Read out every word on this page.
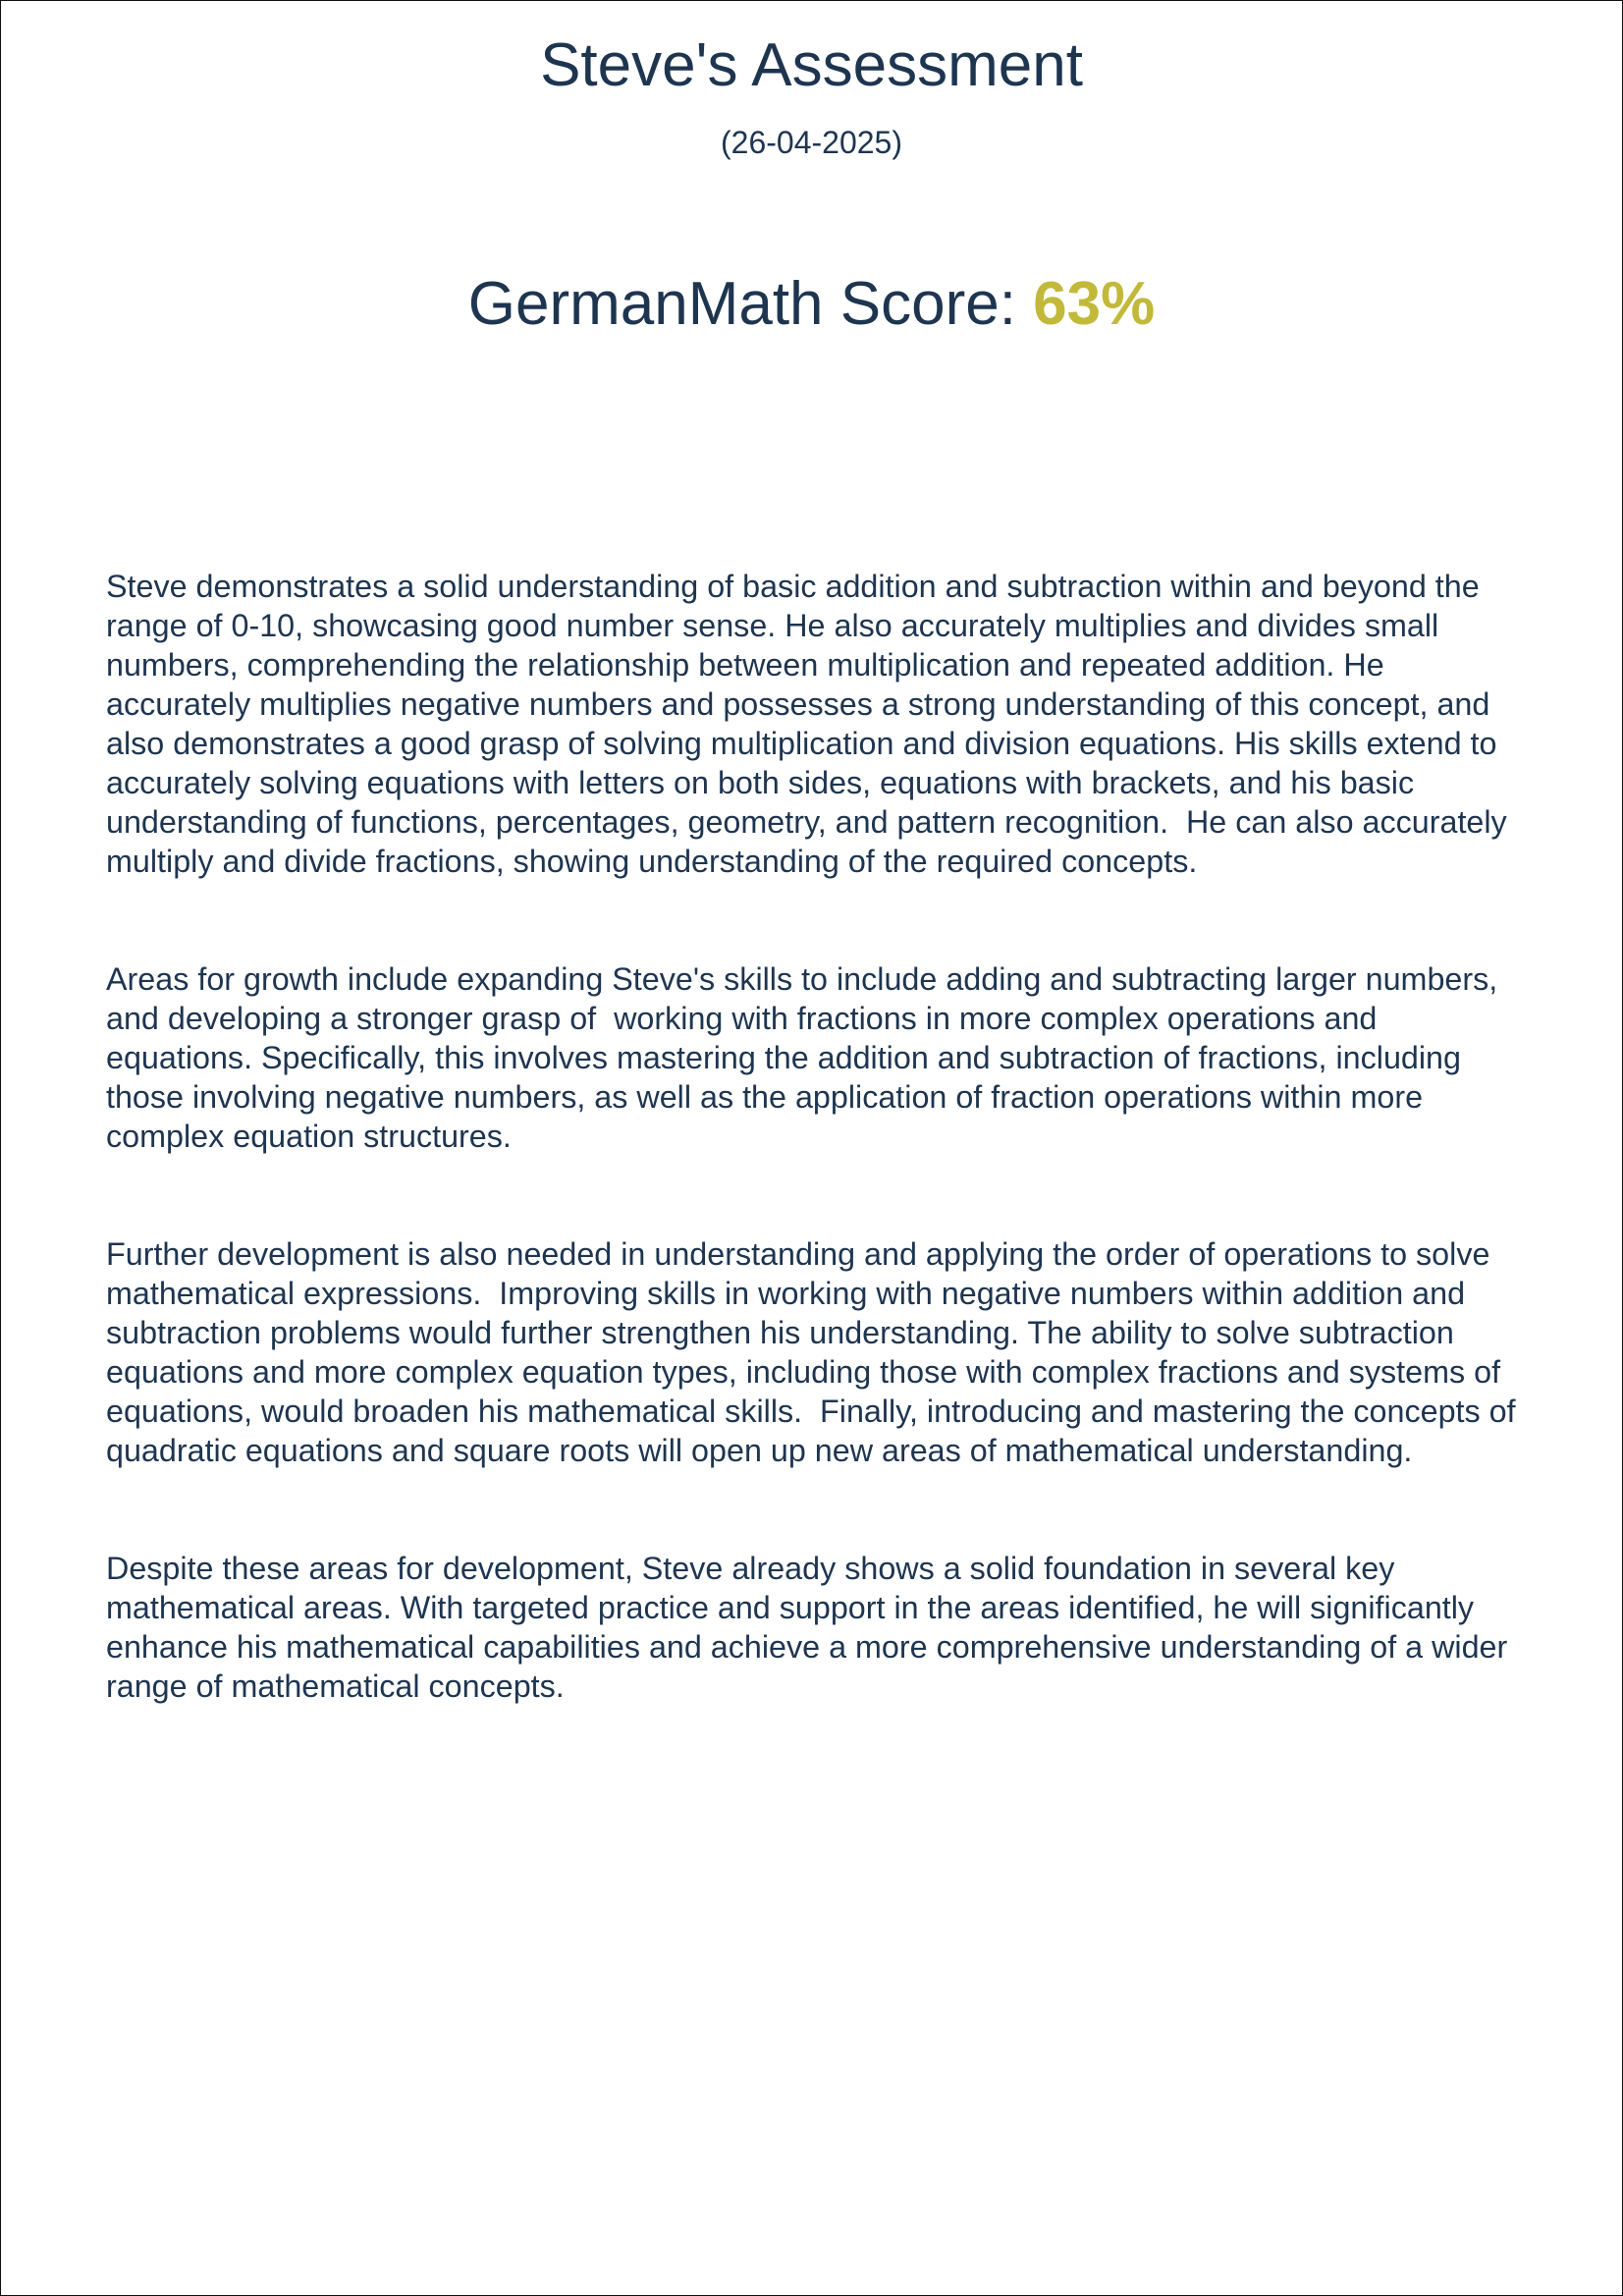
Steve's Assessment
(26-04-2025)
GermanMath Score: 63%

Steve demonstrates a solid understanding of basic addition and subtraction within and beyond the range of 0-10, showcasing good number sense. He also accurately multiplies and divides small numbers, comprehending the relationship between multiplication and repeated addition. He accurately multiplies negative numbers and possesses a strong understanding of this concept, and also demonstrates a good grasp of solving multiplication and division equations. His skills extend to accurately solving equations with letters on both sides, equations with brackets, and his basic understanding of functions, percentages, geometry, and pattern recognition.  He can also accurately multiply and divide fractions, showing understanding of the required concepts.

Areas for growth include expanding Steve's skills to include adding and subtracting larger numbers, and developing a stronger grasp of  working with fractions in more complex operations and equations. Specifically, this involves mastering the addition and subtraction of fractions, including those involving negative numbers, as well as the application of fraction operations within more complex equation structures.

Further development is also needed in understanding and applying the order of operations to solve mathematical expressions.  Improving skills in working with negative numbers within addition and subtraction problems would further strengthen his understanding. The ability to solve subtraction equations and more complex equation types, including those with complex fractions and systems of equations, would broaden his mathematical skills.  Finally, introducing and mastering the concepts of quadratic equations and square roots will open up new areas of mathematical understanding.

Despite these areas for development, Steve already shows a solid foundation in several key mathematical areas. With targeted practice and support in the areas identified, he will significantly enhance his mathematical capabilities and achieve a more comprehensive understanding of a wider range of mathematical concepts.
